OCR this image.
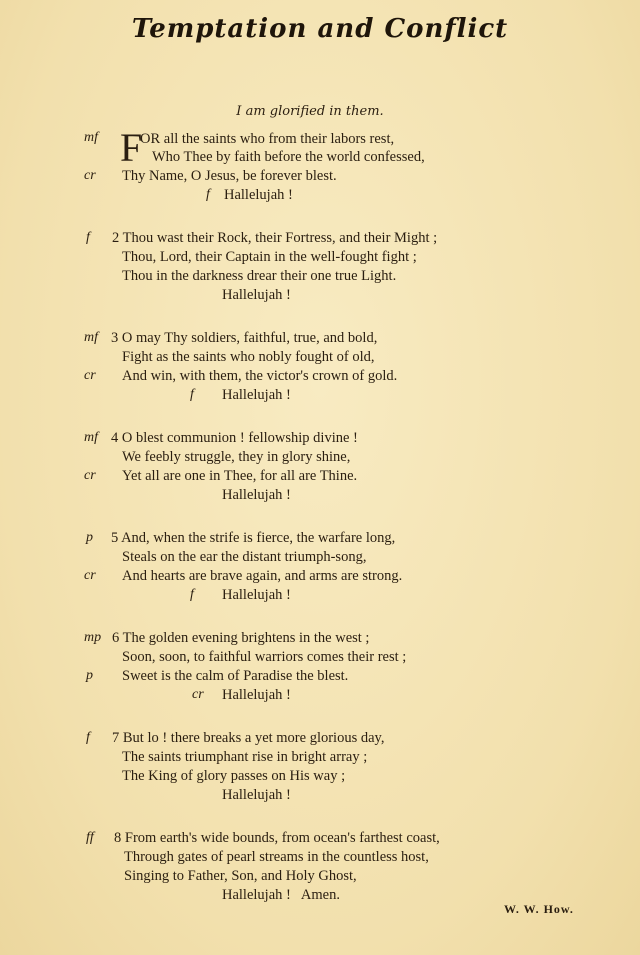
Temptation and Conflict
I am glorified in them.
mf F
OR all the saints who from their labors rest,
Who Thee by faith before the world confessed,
cr Thy Name, O Jesus, be forever blest.
f Hallelujah !
f 2 Thou wast their Rock, their Fortress, and their Might ;
Thou, Lord, their Captain in the well-fought fight ;
Thou in the darkness drear their one true Light.
Hallelujah !
mf 3 O may Thy soldiers, faithful, true, and bold,
Fight as the saints who nobly fought of old,
cr And win, with them, the victor's crown of gold.
f Hallelujah !
mf 4 O blest communion ! fellowship divine !
We feebly struggle, they in glory shine,
cr Yet all are one in Thee, for all are Thine.
Hallelujah !
p 5 And, when the strife is fierce, the warfare long,
Steals on the ear the distant triumph-song,
cr And hearts are brave again, and arms are strong.
f Hallelujah !
mp 6 The golden evening brightens in the west ;
Soon, soon, to faithful warriors comes their rest ;
p Sweet is the calm of Paradise the blest.
cr Hallelujah !
f 7 But lo ! there breaks a yet more glorious day,
The saints triumphant rise in bright array ;
The King of glory passes on His way ;
Hallelujah !
ff 8 From earth's wide bounds, from ocean's farthest coast,
Through gates of pearl streams in the countless host,
Singing to Father, Son, and Holy Ghost,
Hallelujah !   Amen.
W. W. How.
